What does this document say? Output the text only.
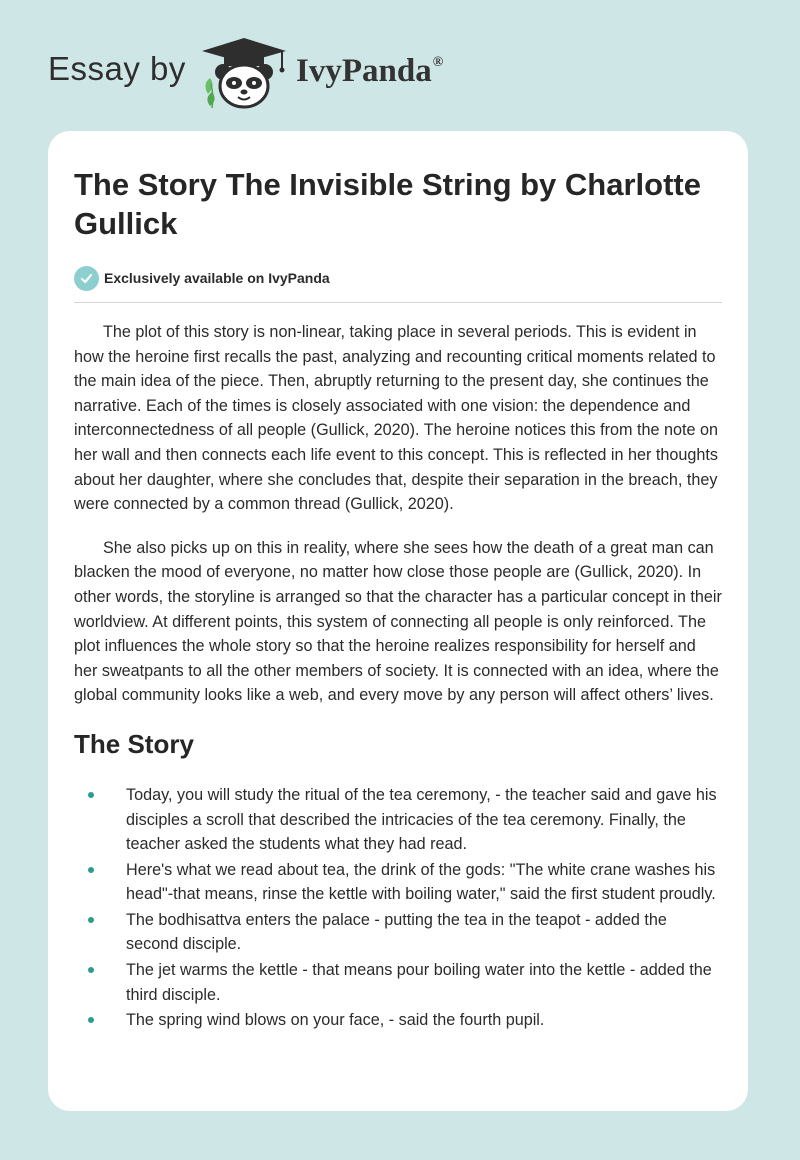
Essay by	IvyPanda®
The Story The Invisible String by Charlotte Gullick
Exclusively available on IvyPanda

The plot of this story is non-linear, taking place in several periods. This is evident in how the heroine first recalls the past, analyzing and recounting critical moments related to the main idea of the piece. Then, abruptly returning to the present day, she continues the narrative. Each of the times is closely associated with one vision: the dependence and interconnectedness of all people (Gullick, 2020). The heroine notices this from the note on her wall and then connects each life event to this concept. This is reflected in her thoughts about her daughter, where she concludes that, despite their separation in the breach, they were connected by a common thread (Gullick, 2020).

She also picks up on this in reality, where she sees how the death of a great man can blacken the mood of everyone, no matter how close those people are (Gullick, 2020). In other words, the storyline is arranged so that the character has a particular concept in their worldview. At different points, this system of connecting all people is only reinforced. The plot influences the whole story so that the heroine realizes responsibility for herself and her sweatpants to all the other members of society. It is connected with an idea, where the global community looks like a web, and every move by any person will affect others’ lives.

The Story
Today, you will study the ritual of the tea ceremony, - the teacher said and gave his disciples a scroll that described the intricacies of the tea ceremony. Finally, the teacher asked the students what they had read.
Here's what we read about tea, the drink of the gods: "The white crane washes his head"-that means, rinse the kettle with boiling water," said the first student proudly.
The bodhisattva enters the palace - putting the tea in the teapot - added the second disciple.
The jet warms the kettle - that means pour boiling water into the kettle - added the third disciple.
The spring wind blows on your face, - said the fourth pupil.
